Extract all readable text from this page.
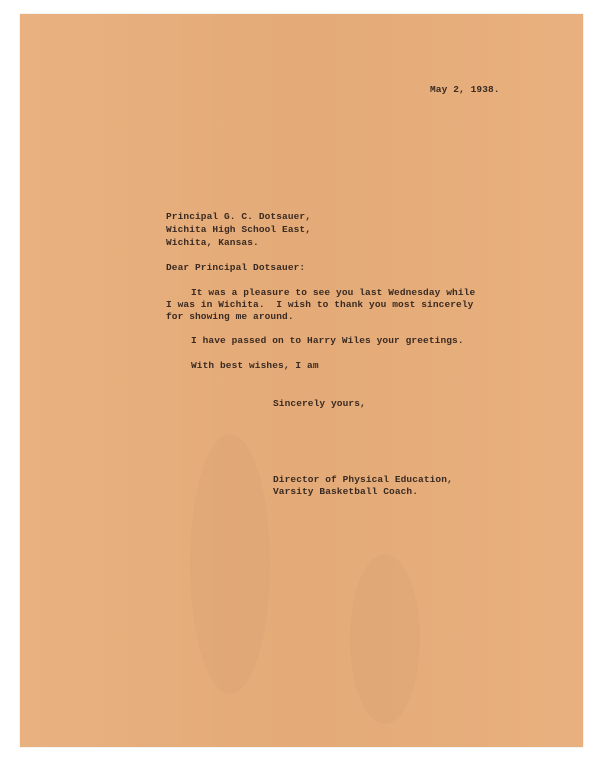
May 2, 1938.
Principal G. C. Dotsauer,
Wichita High School East,
Wichita, Kansas.
Dear Principal Dotsauer:
It was a pleasure to see you last Wednesday while
I was in Wichita.  I wish to thank you most sincerely
for showing me around.
I have passed on to Harry Wiles your greetings.
With best wishes, I am
Sincerely yours,
Director of Physical Education,
Varsity Basketball Coach.
